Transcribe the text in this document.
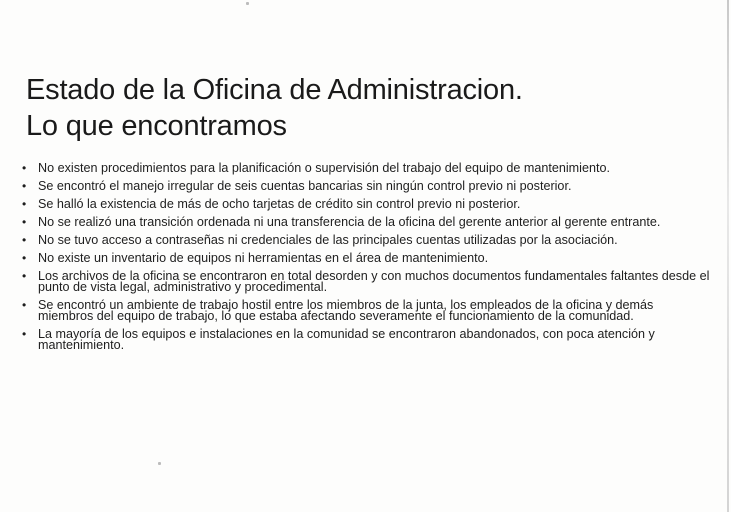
Estado de la Oficina de Administracion.
Lo que encontramos
• No existen procedimientos para la planificación o supervisión del trabajo del equipo de mantenimiento.
• Se encontró el manejo irregular de seis cuentas bancarias sin ningún control previo ni posterior.
• Se halló la existencia de más de ocho tarjetas de crédito sin control previo ni posterior.
• No se realizó una transición ordenada ni una transferencia de la oficina del gerente anterior al gerente entrante.
• No se tuvo acceso a contraseñas ni credenciales de las principales cuentas utilizadas por la asociación.
• No existe un inventario de equipos ni herramientas en el área de mantenimiento.
• Los archivos de la oficina se encontraron en total desorden y con muchos documentos fundamentales faltantes desde el punto de vista legal, administrativo y procedimental.
• Se encontró un ambiente de trabajo hostil entre los miembros de la junta, los empleados de la oficina y demás miembros del equipo de trabajo, lo que estaba afectando severamente el funcionamiento de la comunidad.
• La mayoría de los equipos e instalaciones en la comunidad se encontraron abandonados, con poca atención y mantenimiento.
